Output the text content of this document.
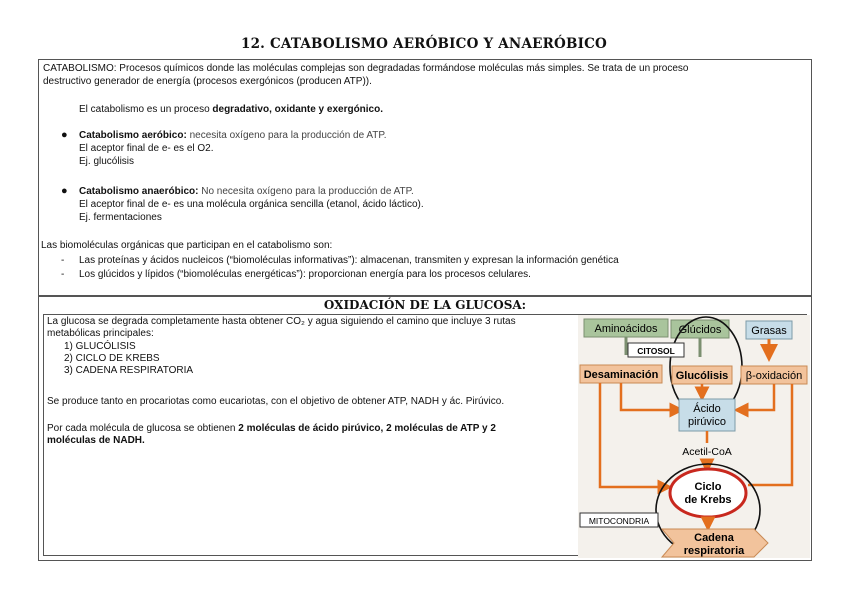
12. CATABOLISMO AERÓBICO Y ANAERÓBICO
CATABOLISMO: Procesos químicos donde las moléculas complejas son degradadas formándose moléculas más simples. Se trata de un proceso
destructivo generador de energía (procesos exergónicos (producen ATP)).
El catabolismo es un proceso degradativo, oxidante y exergónico.
● Catabolismo aeróbico: necesita oxígeno para la producción de ATP.
El aceptor final de e- es el O2.
Ej. glucólisis
● Catabolismo anaeróbico: No necesita oxígeno para la producción de ATP.
El aceptor final de e- es una molécula orgánica sencilla (etanol, ácido láctico).
Ej. fermentaciones
Las biomoléculas orgánicas que participan en el catabolismo son:
- Las proteínas y ácidos nucleicos (“biomoléculas informativas”): almacenan, transmiten y expresan la información genética
- Los glúcidos y lípidos (“biomoléculas energéticas”): proporcionan energía para los procesos celulares.
OXIDACIÓN DE LA GLUCOSA:
La glucosa se degrada completamente hasta obtener CO₂ y agua siguiendo el camino que incluye 3 rutas
metabólicas principales:
1) GLUCÓLISIS
2) CICLO DE KREBS
3) CADENA RESPIRATORIA
Se produce tanto en procariotas como eucariotas, con el objetivo de obtener ATP, NADH y ác. Pirúvico.
Por cada molécula de glucosa se obtienen 2 moléculas de ácido pirúvico, 2 moléculas de ATP y 2
moléculas de NADH.
Aminoácidos Glúcidos	Grasas
CITOSOL
Desaminación Glucólisis β-oxidación
Ácido
pirúvico
Acetil-CoA
Ciclo
de Krebs
MITOCONDRIA
Cadena
respiratoria
